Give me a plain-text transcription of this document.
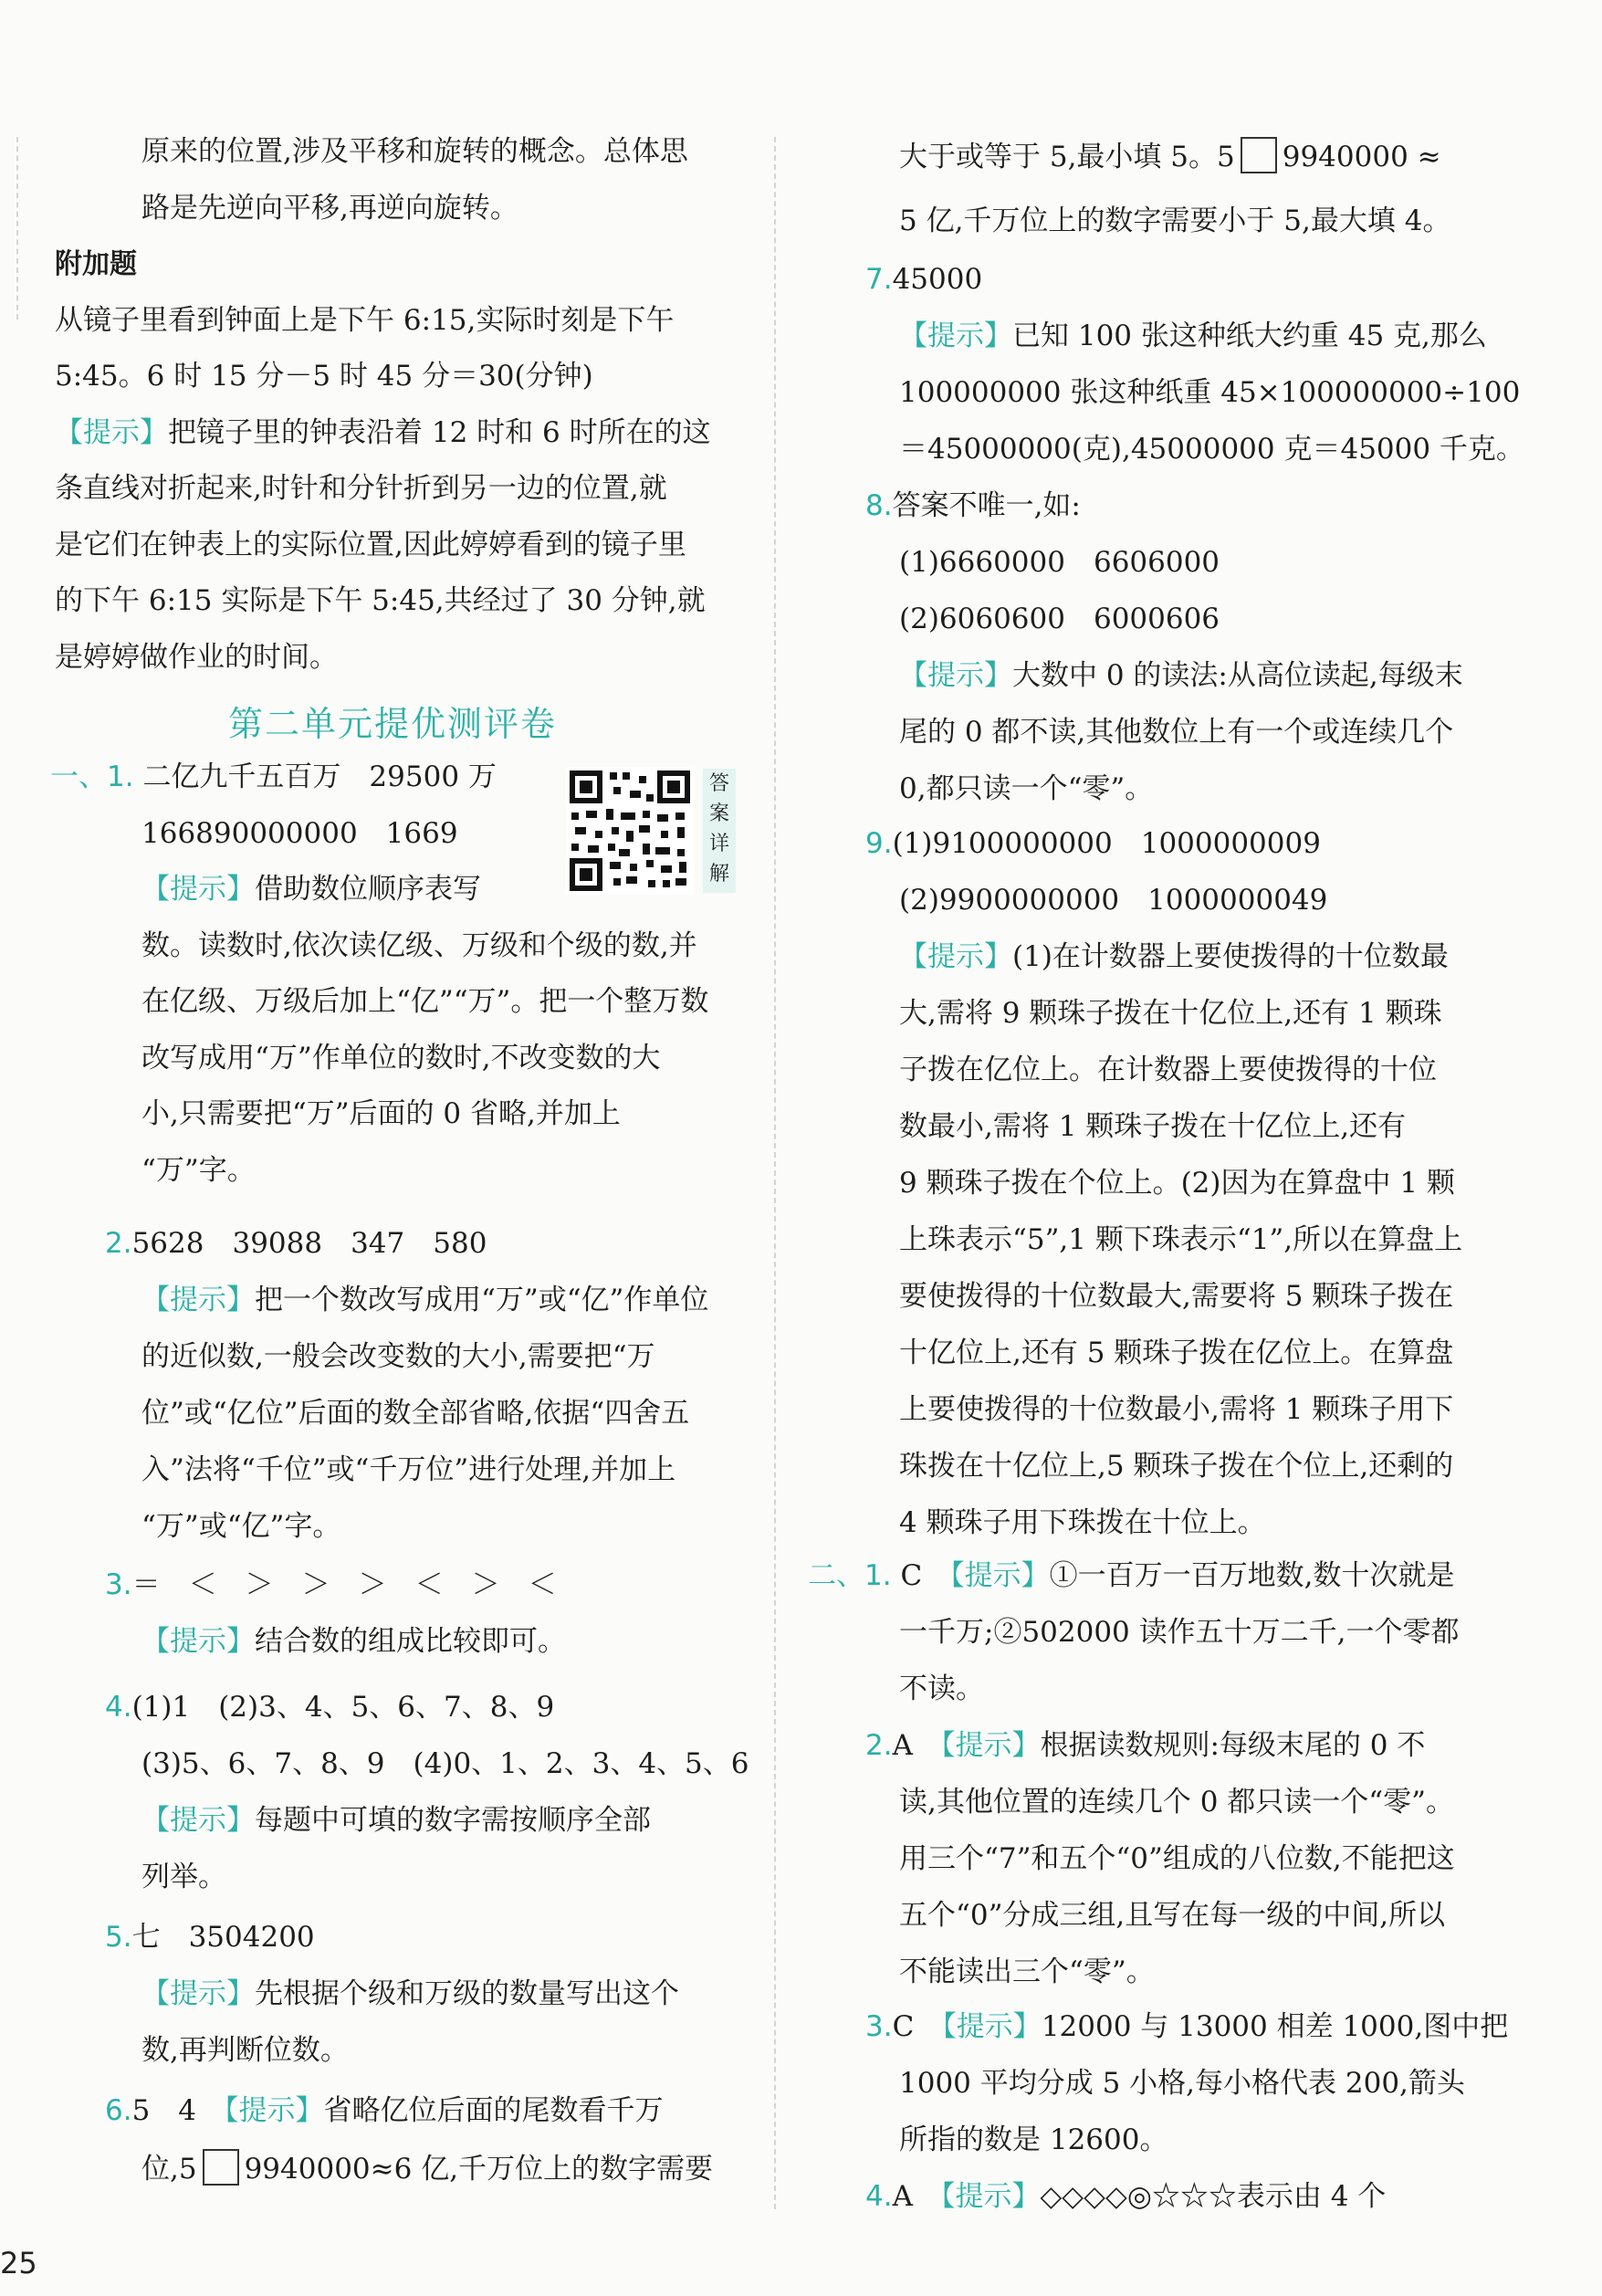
原来的位置,涉及平移和旋转的概念。总体思
路是先逆向平移,再逆向旋转。
附加题
从镜子里看到钟面上是下午 6:15,实际时刻是下午
5:45。6 时 15 分－5 时 45 分＝30(分钟)
【提示】把镜子里的钟表沿着 12 时和 6 时所在的这
条直线对折起来,时针和分针折到另一边的位置,就
是它们在钟表上的实际位置,因此婷婷看到的镜子里
的下午 6:15 实际是下午 5:45,共经过了 30 分钟,就
是婷婷做作业的时间。
第二单元提优测评卷
答
案
详
解
一、1. 二亿九千五百万　29500 万
166890000000　1669
【提示】借助数位顺序表写
数。读数时,依次读亿级、万级和个级的数,并
在亿级、万级后加上“亿”“万”。把一个整万数
改写成用“万”作单位的数时,不改变数的大
小,只需要把“万”后面的 0 省略,并加上
“万”字。
2.5628　39088　347　580
【提示】把一个数改写成用“万”或“亿”作单位
的近似数,一般会改变数的大小,需要把“万
位”或“亿位”后面的数全部省略,依据“四舍五
入”法将“千位”或“千万位”进行处理,并加上
“万”或“亿”字。
3.＝　＜　＞　＞　＞　＜　＞　＜
【提示】结合数的组成比较即可。
4.(1)1　(2)3、4、5、6、7、8、9
(3)5、6、7、8、9　(4)0、1、2、3、4、5、6
【提示】每题中可填的数字需按顺序全部
列举。
5.七　3504200
【提示】先根据个级和万级的数量写出这个
数,再判断位数。
6.5　4　 【提示】省略亿位后面的尾数看千万
位,5 9940000≈6 亿,千万位上的数字需要
25
大于或等于 5,最小填 5。5 9940000 ≈
5 亿,千万位上的数字需要小于 5,最大填 4。
7.45000
【提示】已知 100 张这种纸大约重 45 克,那么
100000000 张这种纸重 45×100000000÷100
＝45000000(克),45000000 克＝45000 千克。
8.答案不唯一,如:
(1)6660000　6606000
(2)6060600　6000606
【提示】大数中 0 的读法:从高位读起,每级末
尾的 0 都不读,其他数位上有一个或连续几个
0,都只读一个“零”。
9.(1)9100000000　1000000009
(2)9900000000　1000000049
【提示】(1)在计数器上要使拨得的十位数最
大,需将 9 颗珠子拨在十亿位上,还有 1 颗珠
子拨在亿位上。在计数器上要使拨得的十位
数最小,需将 1 颗珠子拨在十亿位上,还有
9 颗珠子拨在个位上。(2)因为在算盘中 1 颗
上珠表示“5”,1 颗下珠表示“1”,所以在算盘上
要使拨得的十位数最大,需要将 5 颗珠子拨在
十亿位上,还有 5 颗珠子拨在亿位上。在算盘
上要使拨得的十位数最小,需将 1 颗珠子用下
珠拨在十亿位上,5 颗珠子拨在个位上,还剩的
4 颗珠子用下珠拨在十位上。
二、1. C　 【提示】①一百万一百万地数,数十次就是
一千万;②502000 读作五十万二千,一个零都
不读。
2.A　 【提示】根据读数规则:每级末尾的 0 不
读,其他位置的连续几个 0 都只读一个“零”。
用三个“7”和五个“0”组成的八位数,不能把这
五个“0”分成三组,且写在每一级的中间,所以
不能读出三个“零”。
3.C　 【提示】12000 与 13000 相差 1000,图中把
1000 平均分成 5 小格,每小格代表 200,箭头
所指的数是 12600。
4.A　 【提示】◇◇◇◇◎☆☆☆表示由 4 个
